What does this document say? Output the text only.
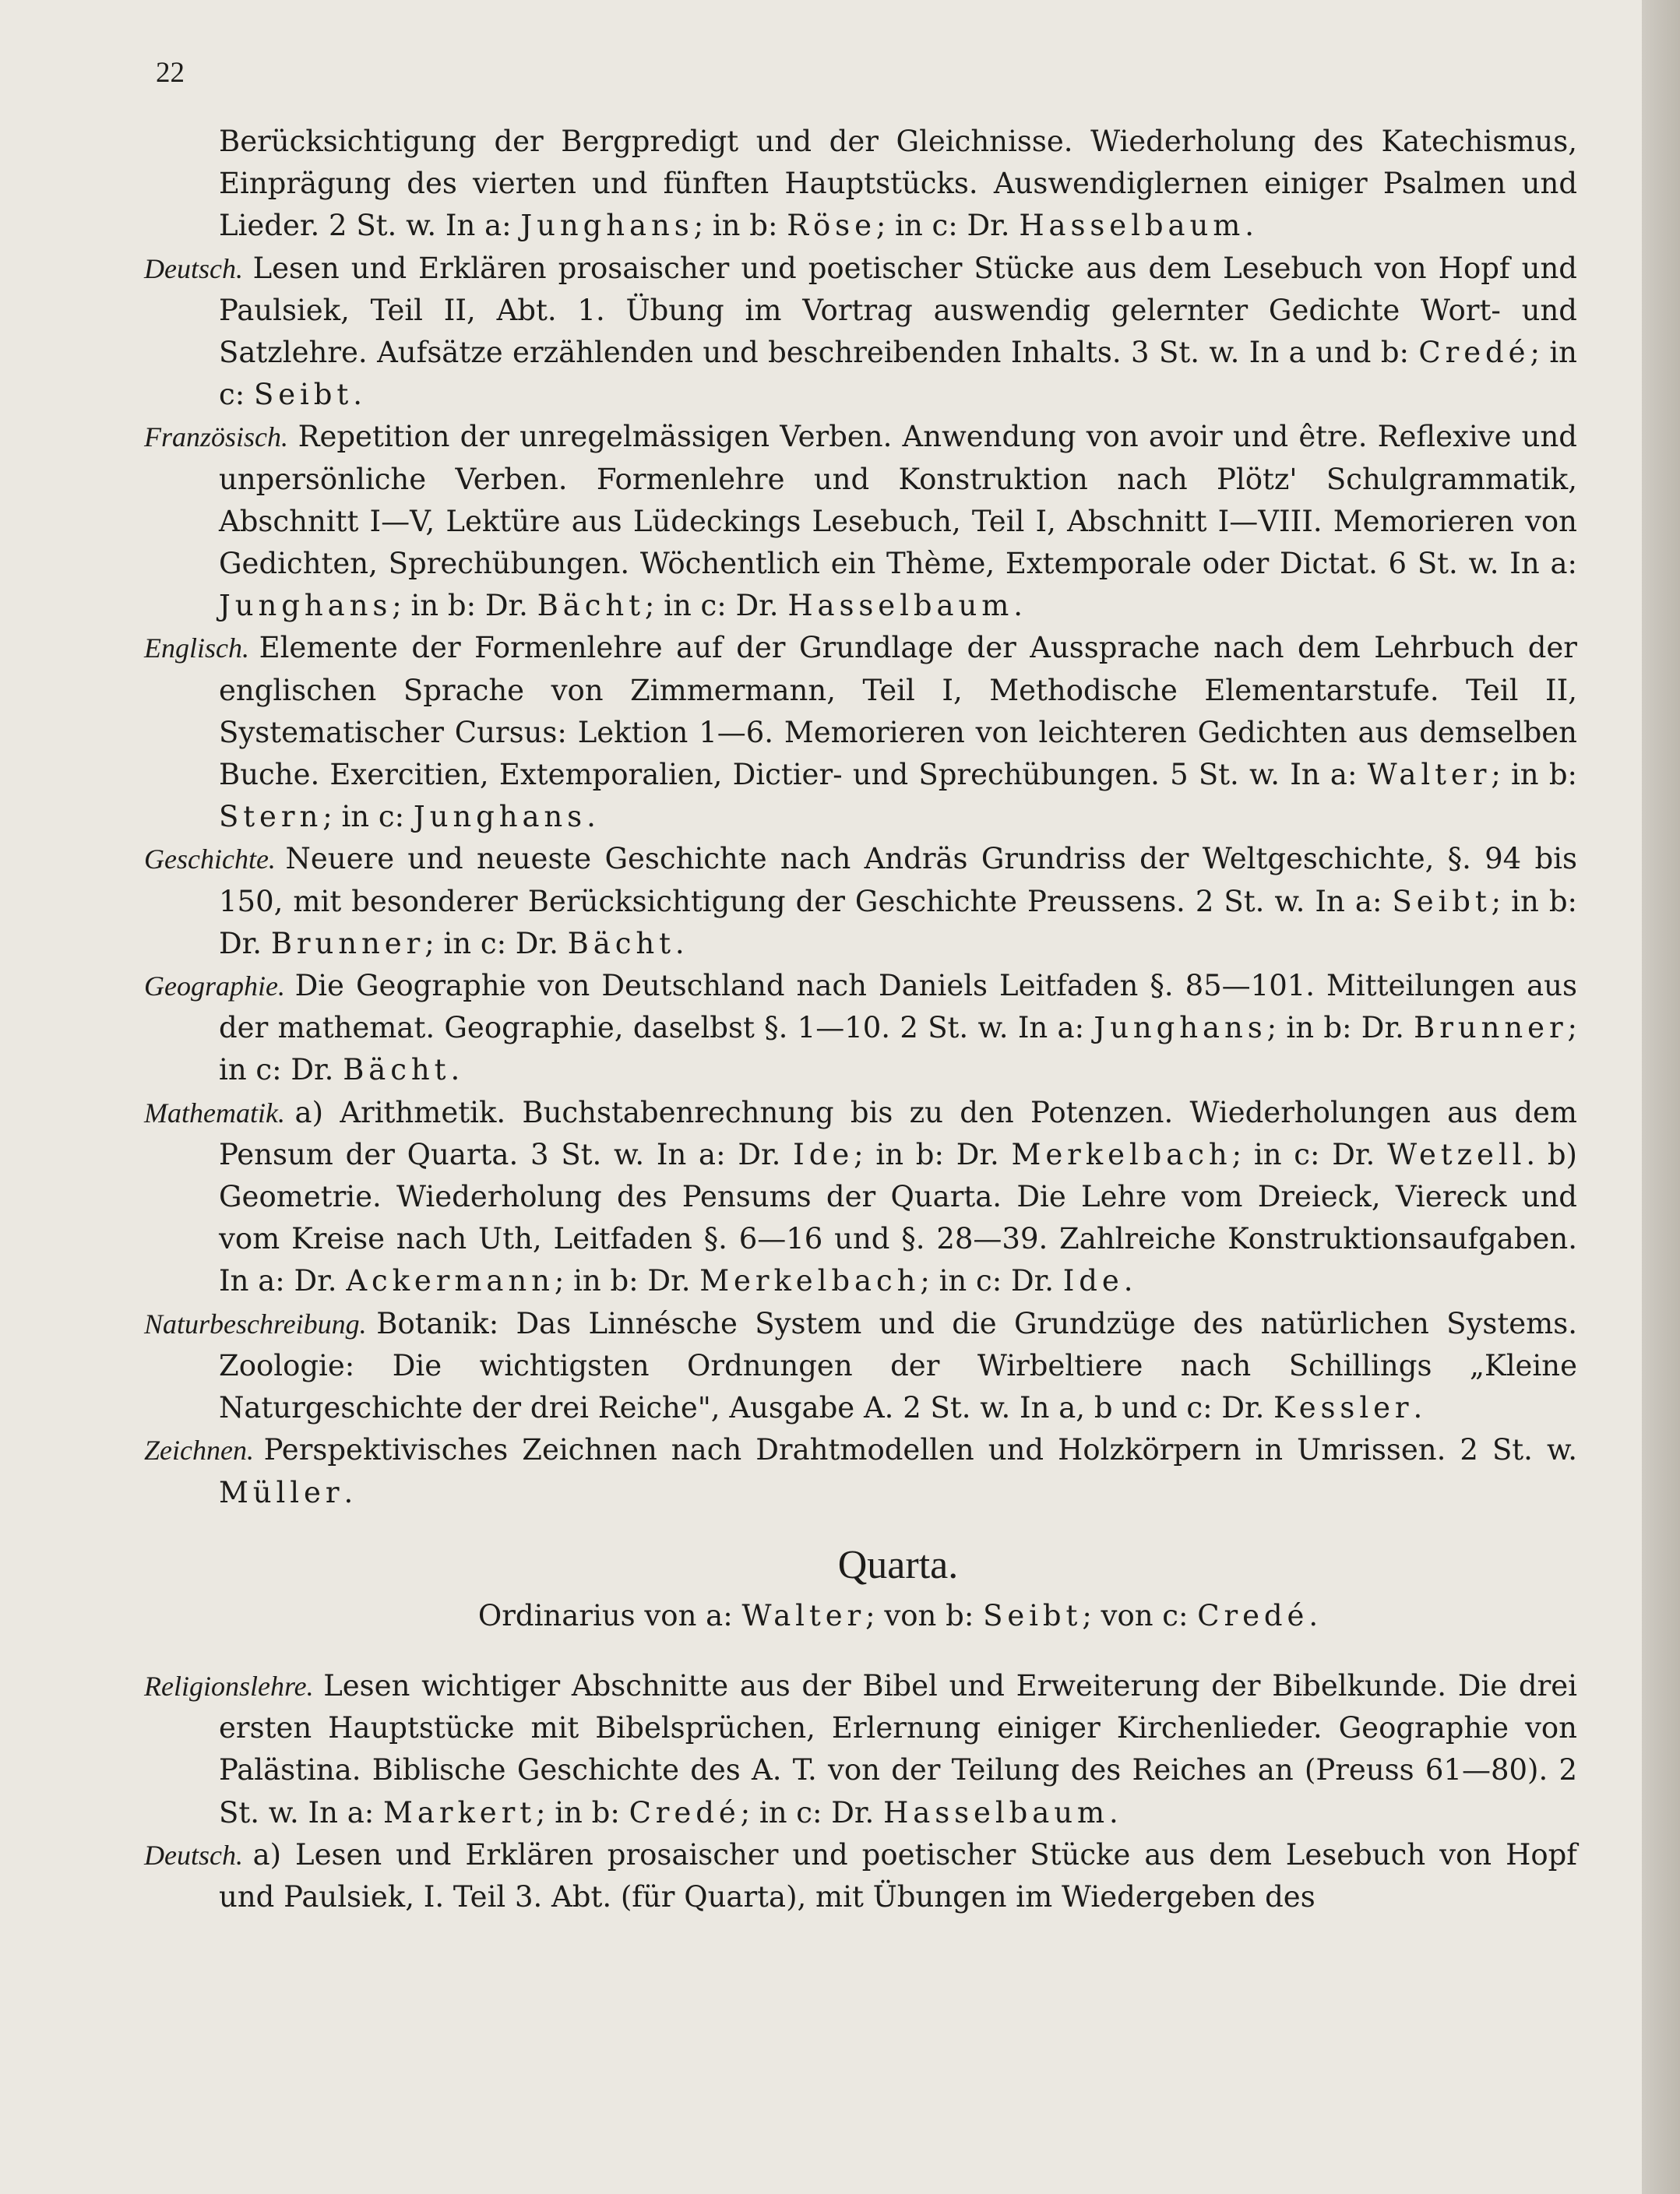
22

Berücksichtigung der Bergpredigt und der Gleichnisse. Wiederholung des Katechismus, Einprägung des vierten und fünften Hauptstücks. Auswendiglernen einiger Psalmen und Lieder. 2 St. w. In a: Junghans; in b: Röse; in c: Dr. Hasselbaum.

Deutsch. Lesen und Erklären prosaischer und poetischer Stücke aus dem Lesebuch von Hopf und Paulsiek, Teil II, Abt. 1. Übung im Vortrag auswendig gelernter Gedichte Wort- und Satzlehre. Aufsätze erzählenden und beschreibenden Inhalts. 3 St. w. In a und b: Credé; in c: Seibt.

Französisch. Repetition der unregelmässigen Verben. Anwendung von avoir und être. Reflexive und unpersönliche Verben. Formenlehre und Konstruktion nach Plötz' Schulgrammatik, Abschnitt I—V, Lektüre aus Lüdeckings Lesebuch, Teil I, Abschnitt I—VIII. Memorieren von Gedichten, Sprechübungen. Wöchentlich ein Thème, Extemporale oder Dictat. 6 St. w. In a: Junghans; in b: Dr. Bächt; in c: Dr. Hasselbaum.

Englisch. Elemente der Formenlehre auf der Grundlage der Aussprache nach dem Lehrbuch der englischen Sprache von Zimmermann, Teil I, Methodische Elementarstufe. Teil II, Systematischer Cursus: Lektion 1—6. Memorieren von leichteren Gedichten aus demselben Buche. Exercitien, Extemporalien, Dictier- und Sprechübungen. 5 St. w. In a: Walter; in b: Stern; in c: Junghans.

Geschichte. Neuere und neueste Geschichte nach Andräs Grundriss der Weltgeschichte, §. 94 bis 150, mit besonderer Berücksichtigung der Geschichte Preussens. 2 St. w. In a: Seibt; in b: Dr. Brunner; in c: Dr. Bächt.

Geographie. Die Geographie von Deutschland nach Daniels Leitfaden §. 85—101. Mitteilungen aus der mathemat. Geographie, daselbst §. 1—10. 2 St. w. In a: Junghans; in b: Dr. Brunner; in c: Dr. Bächt.

Mathematik. a) Arithmetik. Buchstabenrechnung bis zu den Potenzen. Wiederholungen aus dem Pensum der Quarta. 3 St. w. In a: Dr. Ide; in b: Dr. Merkelbach; in c: Dr. Wetzell. b) Geometrie. Wiederholung des Pensums der Quarta. Die Lehre vom Dreieck, Viereck und vom Kreise nach Uth, Leitfaden §. 6—16 und §. 28—39. Zahlreiche Konstruktionsaufgaben. In a: Dr. Ackermann; in b: Dr. Merkelbach; in c: Dr. Ide.

Naturbeschreibung. Botanik: Das Linnésche System und die Grundzüge des natürlichen Systems. Zoologie: Die wichtigsten Ordnungen der Wirbeltiere nach Schillings „Kleine Naturgeschichte der drei Reiche", Ausgabe A. 2 St. w. In a, b und c: Dr. Kessler.

Zeichnen. Perspektivisches Zeichnen nach Drahtmodellen und Holzkörpern in Umrissen. 2 St. w. Müller.

Quarta.

Ordinarius von a: Walter; von b: Seibt; von c: Credé.

Religionslehre. Lesen wichtiger Abschnitte aus der Bibel und Erweiterung der Bibelkunde. Die drei ersten Hauptstücke mit Bibelsprüchen, Erlernung einiger Kirchenlieder. Geographie von Palästina. Biblische Geschichte des A. T. von der Teilung des Reiches an (Preuss 61—80). 2 St. w. In a: Markert; in b: Credé; in c: Dr. Hasselbaum.

Deutsch. a) Lesen und Erklären prosaischer und poetischer Stücke aus dem Lesebuch von Hopf und Paulsiek, I. Teil 3. Abt. (für Quarta), mit Übungen im Wiedergeben des
